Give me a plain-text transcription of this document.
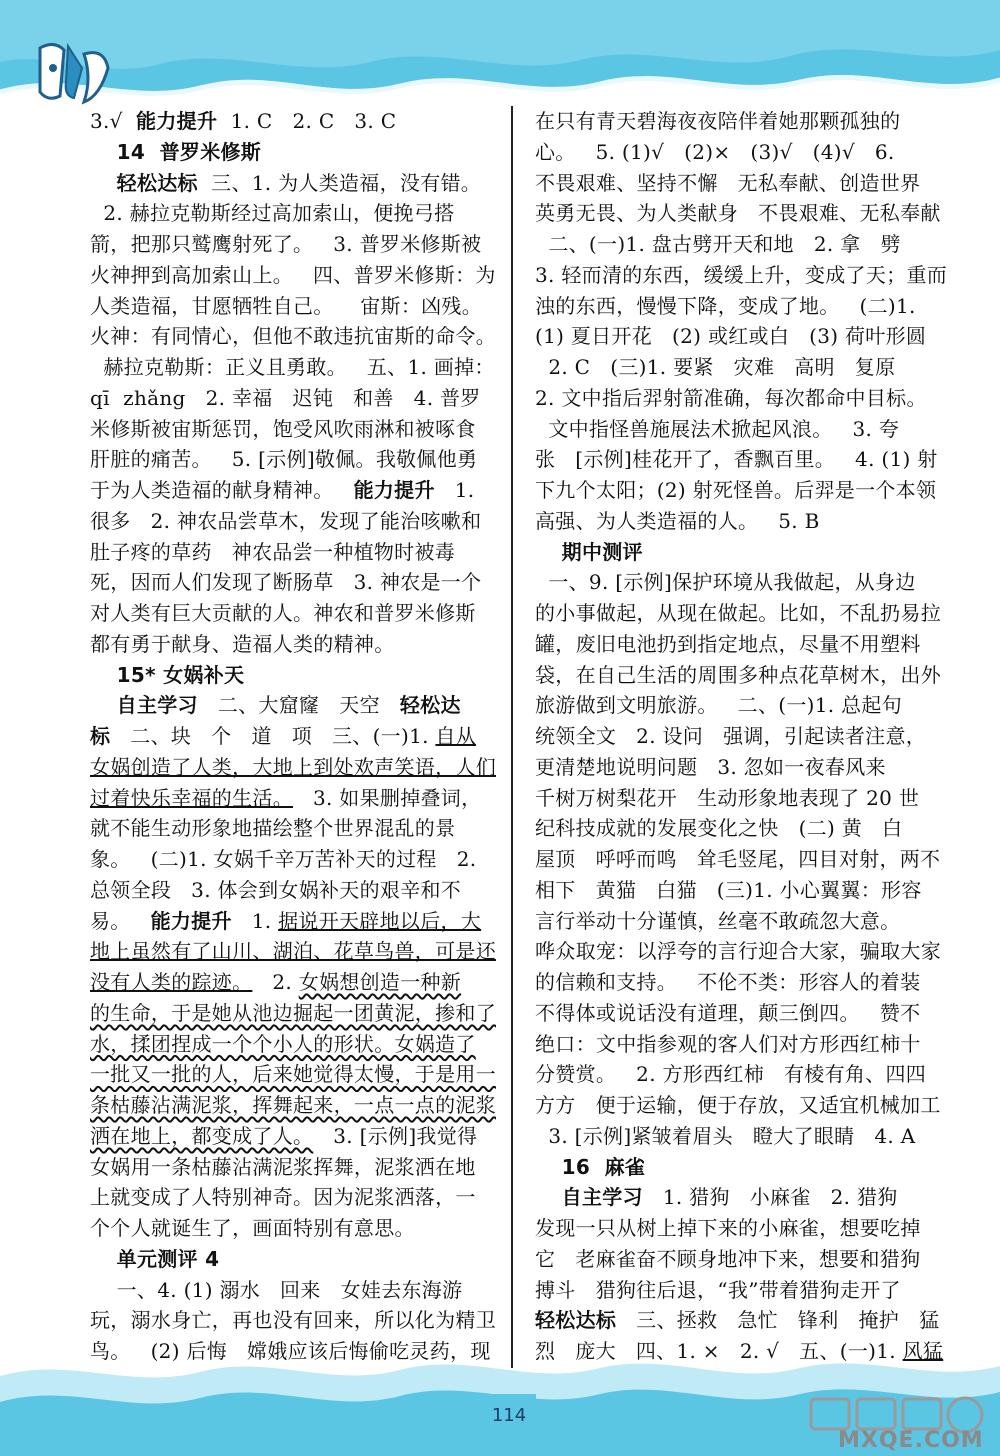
3.√  能力提升  1. C   2. C   3. C
14  普罗米修斯
轻松达标  三、1. 为人类造福，没有错。
2. 赫拉克勒斯经过高加索山，便挽弓搭
箭，把那只鹫鹰射死了。   3. 普罗米修斯被
火神押到高加索山上。   四、普罗米修斯：为
人类造福，甘愿牺牲自己。    宙斯：凶残。
火神：有同情心，但他不敢违抗宙斯的命令。
赫拉克勒斯：正义且勇敢。   五、1. 画掉：
qī  zhǎng   2. 幸福   迟钝   和善   4. 普罗
米修斯被宙斯惩罚，饱受风吹雨淋和被啄食
肝脏的痛苦。   5. [示例]敬佩。我敬佩他勇
于为人类造福的献身精神。   能力提升   1.
很多   2. 神农品尝草木，发现了能治咳嗽和
肚子疼的草药   神农品尝一种植物时被毒
死，因而人们发现了断肠草   3. 神农是一个
对人类有巨大贡献的人。神农和普罗米修斯
都有勇于献身、造福人类的精神。
15* 女娲补天
自主学习   二、大窟窿   天空   轻松达
标   二、块   个   道   项   三、(一)1. 自从
女娲创造了人类，大地上到处欢声笑语，人们
过着快乐幸福的生活。   3. 如果删掉叠词，
就不能生动形象地描绘整个世界混乱的景
象。   (二)1. 女娲千辛万苦补天的过程   2.
总领全段   3. 体会到女娲补天的艰辛和不
易。   能力提升   1. 据说开天辟地以后，大
地上虽然有了山川、湖泊、花草鸟兽，可是还
没有人类的踪迹。   2. 女娲想创造一种新
的生命，于是她从池边掘起一团黄泥，掺和了
水，揉团捏成一个个小人的形状。女娲造了
一批又一批的人，后来她觉得太慢，于是用一
条枯藤沾满泥浆，挥舞起来，一点一点的泥浆
洒在地上，都变成了人。   3. [示例]我觉得
女娲用一条枯藤沾满泥浆挥舞，泥浆洒在地
上就变成了人特别神奇。因为泥浆洒落，一
个个人就诞生了，画面特别有意思。
单元测评 4
一、4. (1) 溺水   回来   女娃去东海游
玩，溺水身亡，再也没有回来，所以化为精卫
鸟。   (2) 后悔   嫦娥应该后悔偷吃灵药，现
在只有青天碧海夜夜陪伴着她那颗孤独的
心。   5. (1)√   (2)×   (3)√   (4)√   6.
不畏艰难、坚持不懈   无私奉献、创造世界
英勇无畏、为人类献身   不畏艰难、无私奉献
二、(一)1. 盘古劈开天和地   2. 拿   劈
3. 轻而清的东西，缓缓上升，变成了天；重而
浊的东西，慢慢下降，变成了地。   (二)1.
(1) 夏日开花   (2) 或红或白   (3) 荷叶形圆
2. C   (三)1. 要紧   灾难   高明   复原
2. 文中指后羿射箭准确，每次都命中目标。
文中指怪兽施展法术掀起风浪。   3. 夸
张   [示例]桂花开了，香飘百里。   4. (1) 射
下九个太阳；(2) 射死怪兽。后羿是一个本领
高强、为人类造福的人。   5. B
期中测评
一、9. [示例]保护环境从我做起，从身边
的小事做起，从现在做起。比如，不乱扔易拉
罐，废旧电池扔到指定地点，尽量不用塑料
袋，在自己生活的周围多种点花草树木，出外
旅游做到文明旅游。   二、(一)1. 总起句
统领全文   2. 设问   强调，引起读者注意，
更清楚地说明问题   3. 忽如一夜春风来
千树万树梨花开   生动形象地表现了 20 世
纪科技成就的发展变化之快   (二) 黄   白
屋顶   呼呼而鸣   耸毛竖尾，四目对射，两不
相下   黄猫   白猫   (三)1. 小心翼翼：形容
言行举动十分谨慎，丝毫不敢疏忽大意。
哗众取宠：以浮夸的言行迎合大家，骗取大家
的信赖和支持。   不伦不类：形容人的着装
不得体或说话没有道理，颠三倒四。   赞不
绝口：文中指参观的客人们对方形西红柿十
分赞赏。   2. 方形西红柿   有棱有角、四四
方方   便于运输，便于存放，又适宜机械加工
3. [示例]紧皱着眉头   瞪大了眼睛   4. A
16  麻雀
自主学习   1. 猎狗   小麻雀   2. 猎狗
发现一只从树上掉下来的小麻雀，想要吃掉
它   老麻雀奋不顾身地冲下来，想要和猎狗
搏斗   猎狗往后退，“我”带着猎狗走开了
轻松达标   三、拯救   急忙   锋利   掩护   猛
烈   庞大   四、1. ×   2. √   五、(一)1. 风猛
114
MXQE.COM
